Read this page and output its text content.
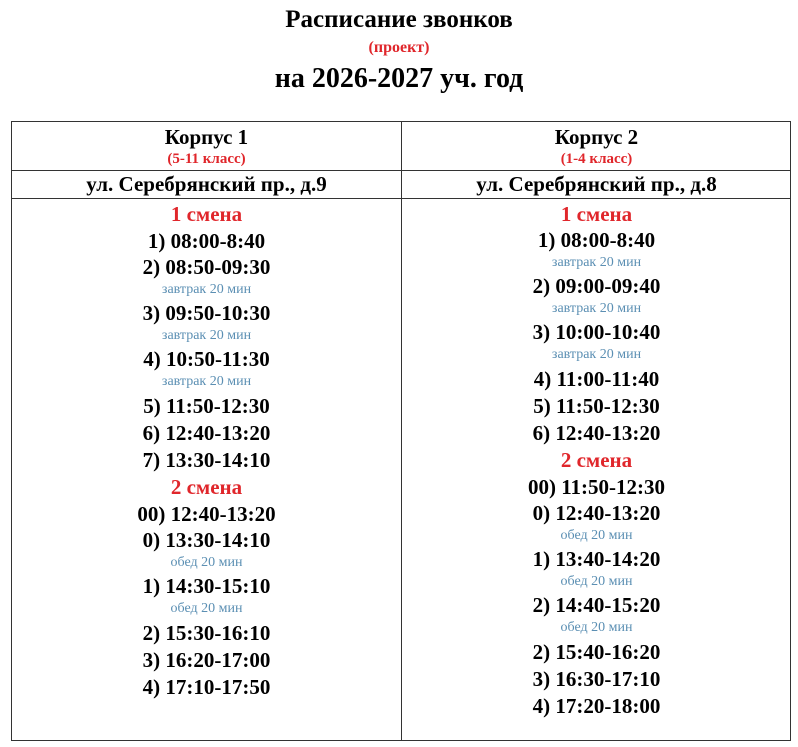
Расписание звонков
(проект)
на 2026-2027 уч. год
Корпус 1
(5-11 класс)
ул. Серебрянский пр., д.9
1 смена
1) 08:00-8:40
2) 08:50-09:30
завтрак 20 мин
3) 09:50-10:30
завтрак 20 мин
4) 10:50-11:30
завтрак 20 мин
5) 11:50-12:30
6) 12:40-13:20
7) 13:30-14:10
2 смена
00) 12:40-13:20
0) 13:30-14:10
обед 20 мин
1) 14:30-15:10
обед 20 мин
2) 15:30-16:10
3) 16:20-17:00
4) 17:10-17:50
Корпус 2
(1-4 класс)
ул. Серебрянский пр., д.8
1 смена
1) 08:00-8:40
завтрак 20 мин
2) 09:00-09:40
завтрак 20 мин
3) 10:00-10:40
завтрак 20 мин
4) 11:00-11:40
5) 11:50-12:30
6) 12:40-13:20
2 смена
00) 11:50-12:30
0) 12:40-13:20
обед 20 мин
1) 13:40-14:20
обед 20 мин
2) 14:40-15:20
обед 20 мин
2) 15:40-16:20
3) 16:30-17:10
4) 17:20-18:00
